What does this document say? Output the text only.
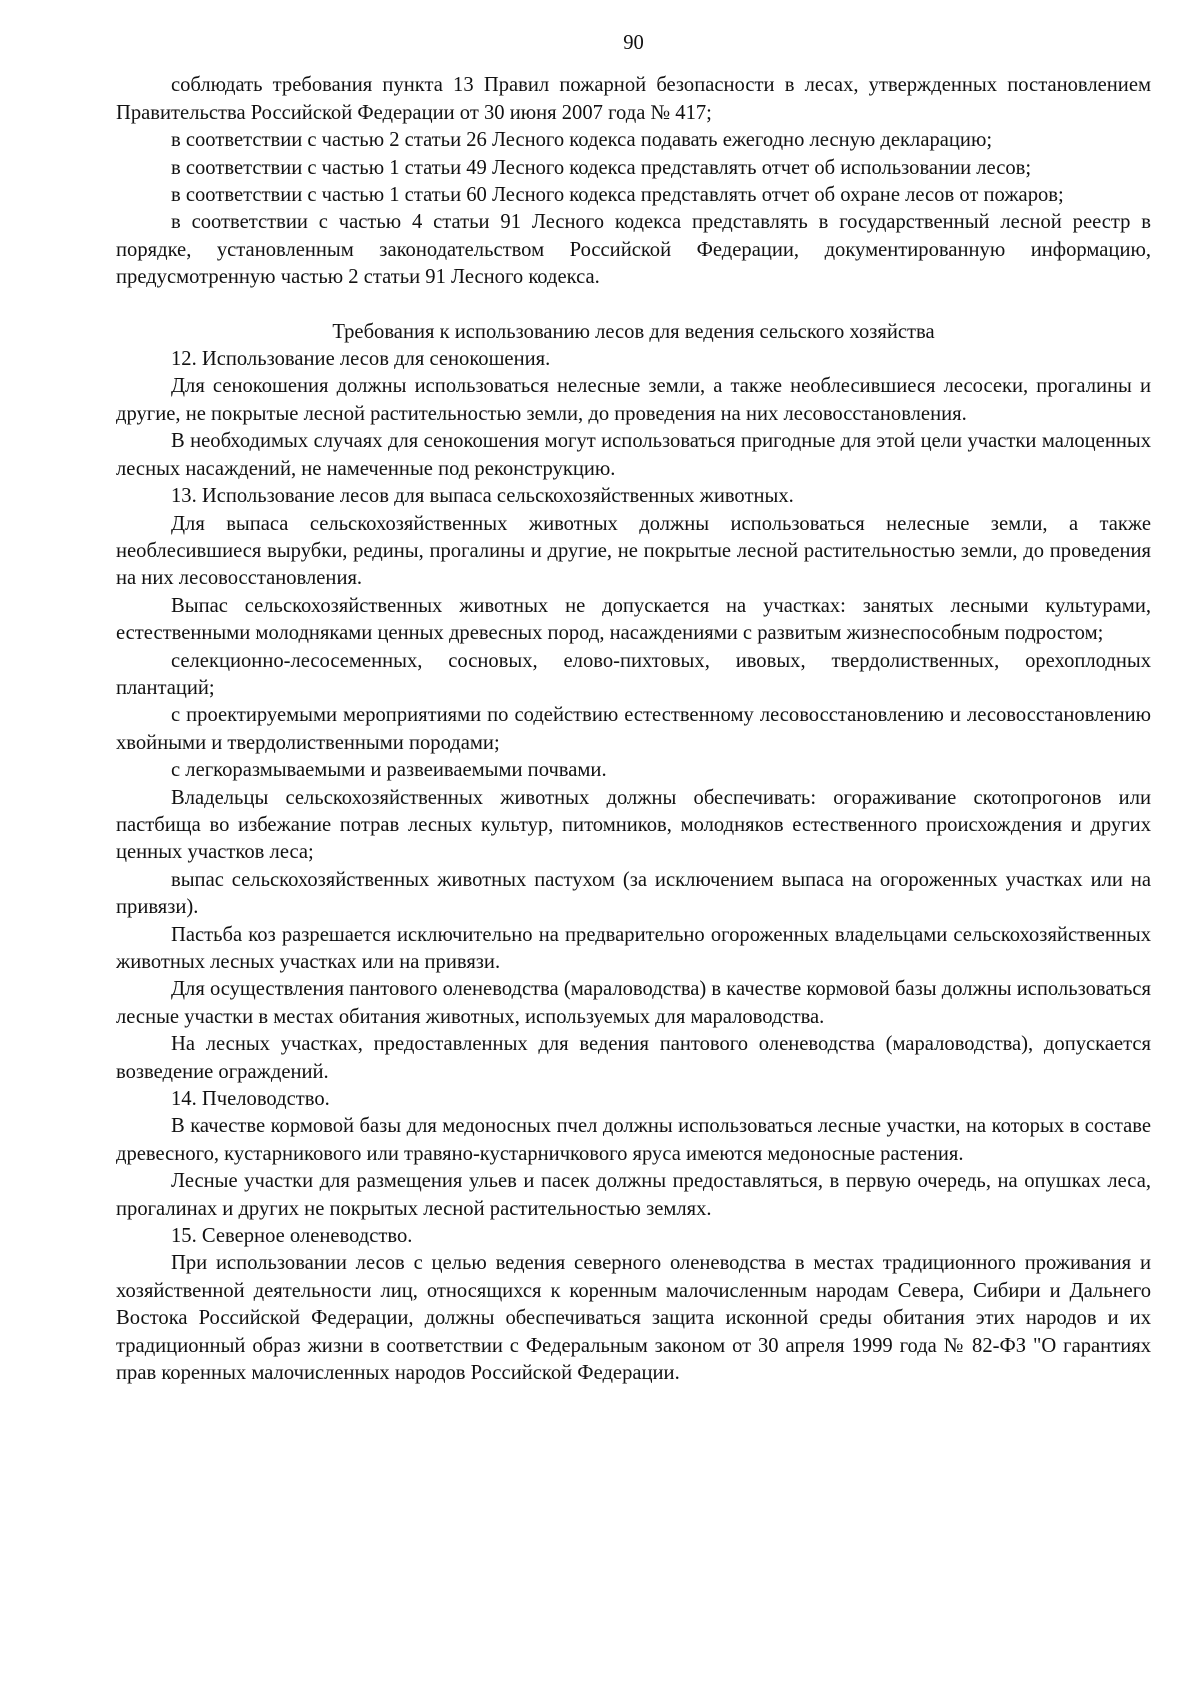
90

соблюдать требования пункта 13 Правил пожарной безопасности в лесах, утвержденных постановлением Правительства Российской Федерации от 30 июня 2007 года № 417;

в соответствии с частью 2 статьи 26 Лесного кодекса подавать ежегодно лесную декларацию;

в соответствии с частью 1 статьи 49 Лесного кодекса представлять отчет об использовании лесов;

в соответствии с частью 1 статьи 60 Лесного кодекса представлять отчет об охране лесов от пожаров;

в соответствии с частью 4 статьи 91 Лесного кодекса представлять в государственный лесной реестр в порядке, установленным законодательством Российской Федерации, документированную информацию, предусмотренную частью 2 статьи 91 Лесного кодекса.

Требования к использованию лесов для ведения сельского хозяйства

12. Использование лесов для сенокошения.

Для сенокошения должны использоваться нелесные земли, а также необлесившиеся лесосеки, прогалины и другие, не покрытые лесной растительностью земли, до проведения на них лесовосстановления.

В необходимых случаях для сенокошения могут использоваться пригодные для этой цели участки малоценных лесных насаждений, не намеченные под реконструкцию.

13. Использование лесов для выпаса сельскохозяйственных животных.

Для выпаса сельскохозяйственных животных должны использоваться нелесные земли, а также необлесившиеся вырубки, редины, прогалины и другие, не покрытые лесной растительностью земли, до проведения на них лесовосстановления.

Выпас сельскохозяйственных животных не допускается на участках: занятых лесными культурами, естественными молодняками ценных древесных пород, насаждениями с развитым жизнеспособным подростом;

селекционно-лесосеменных, сосновых, елово-пихтовых, ивовых, твердолиственных, орехоплодных плантаций;

с проектируемыми мероприятиями по содействию естественному лесовосстановлению и лесовосстановлению хвойными и твердолиственными породами;

с легкоразмываемыми и развеиваемыми почвами.

Владельцы сельскохозяйственных животных должны обеспечивать: огораживание скотопрогонов или пастбища во избежание потрав лесных культур, питомников, молодняков естественного происхождения и других ценных участков леса;

выпас сельскохозяйственных животных пастухом (за исключением выпаса на огороженных участках или на привязи).

Пастьба коз разрешается исключительно на предварительно огороженных владельцами сельскохозяйственных животных лесных участках или на привязи.

Для осуществления пантового оленеводства (мараловодства) в качестве кормовой базы должны использоваться лесные участки в местах обитания животных, используемых для мараловодства.

На лесных участках, предоставленных для ведения пантового оленеводства (мараловодства), допускается возведение ограждений.

14. Пчеловодство.

В качестве кормовой базы для медоносных пчел должны использоваться лесные участки, на которых в составе древесного, кустарникового или травяно-кустарничкового яруса имеются медоносные растения.

Лесные участки для размещения ульев и пасек должны предоставляться, в первую очередь, на опушках леса, прогалинах и других не покрытых лесной растительностью землях.

15. Северное оленеводство.

При использовании лесов с целью ведения северного оленеводства в местах традиционного проживания и хозяйственной деятельности лиц, относящихся к коренным малочисленным народам Севера, Сибири и Дальнего Востока Российской Федерации, должны обеспечиваться защита исконной среды обитания этих народов и их традиционный образ жизни в соответствии с Федеральным законом от 30 апреля 1999 года № 82-ФЗ "О гарантиях прав коренных малочисленных народов Российской Федерации.
